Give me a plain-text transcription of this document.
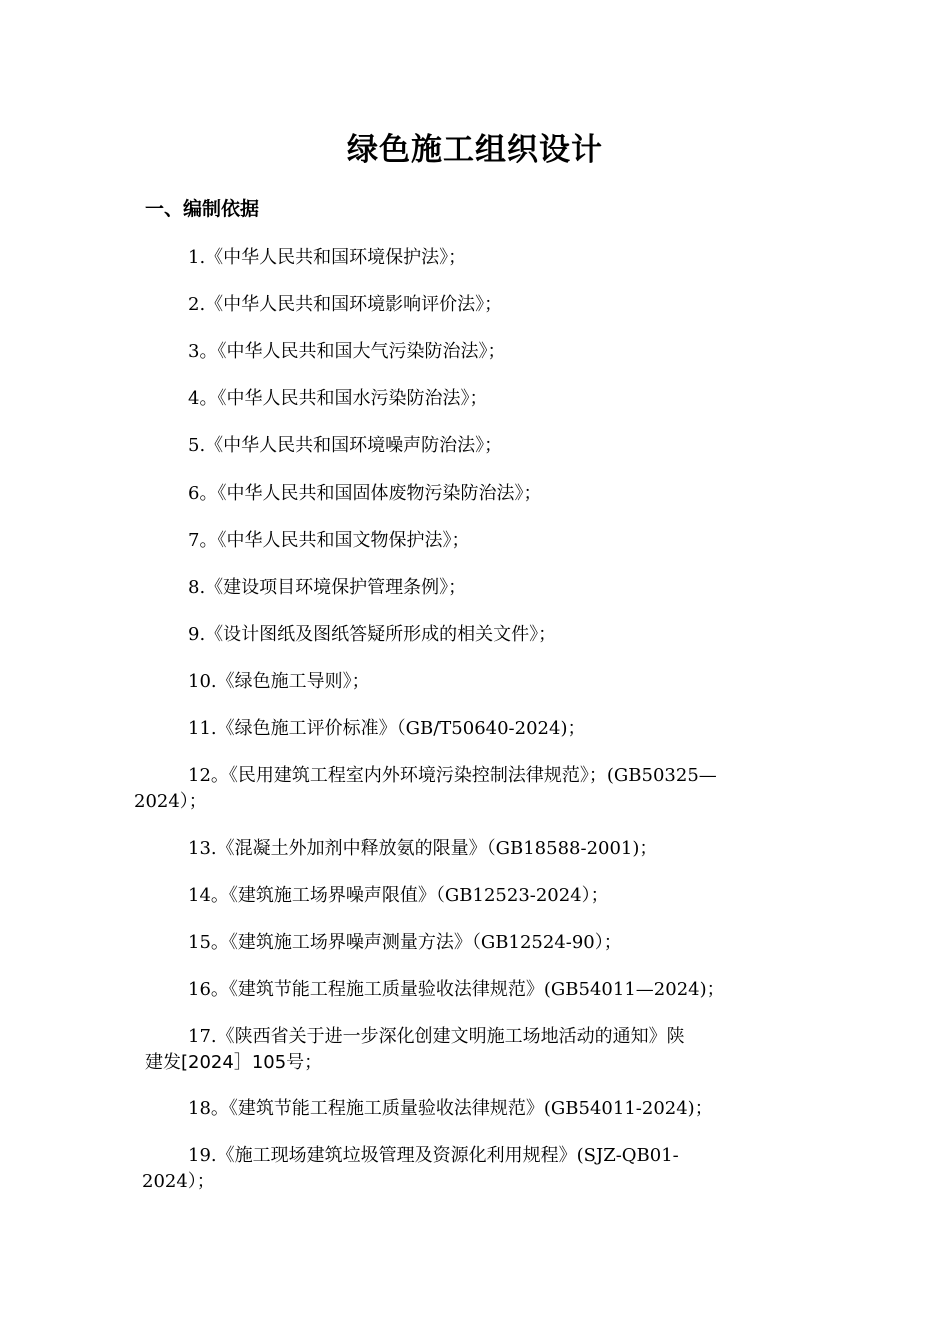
绿色施工组织设计
一、编制依据
1.《中华人民共和国环境保护法》；
2.《中华人民共和国环境影响评价法》；
3。《中华人民共和国大气污染防治法》；
4。《中华人民共和国水污染防治法》；
5.《中华人民共和国环境噪声防治法》；
6。《中华人民共和国固体废物污染防治法》；
7。《中华人民共和国文物保护法》；
8.《建设项目环境保护管理条例》；
9.《设计图纸及图纸答疑所形成的相关文件》；
10.《绿色施工导则》；
11.《绿色施工评价标准》（GB/T50640-2024)；
12。《民用建筑工程室内外环境污染控制法律规范》；(GB50325—
2024）；
13.《混凝土外加剂中释放氨的限量》（GB18588-2001)；
14。《建筑施工场界噪声限值》（GB12523-2024）；
15。《建筑施工场界噪声测量方法》（GB12524-90）；
16。《建筑节能工程施工质量验收法律规范》(GB54011—2024)；
17.《陕西省关于进一步深化创建文明施工场地活动的通知》陕
建发[2024］105号；
18。《建筑节能工程施工质量验收法律规范》(GB54011-2024)；
19.《施工现场建筑垃圾管理及资源化利用规程》(SJZ-QB01-
2024）；
